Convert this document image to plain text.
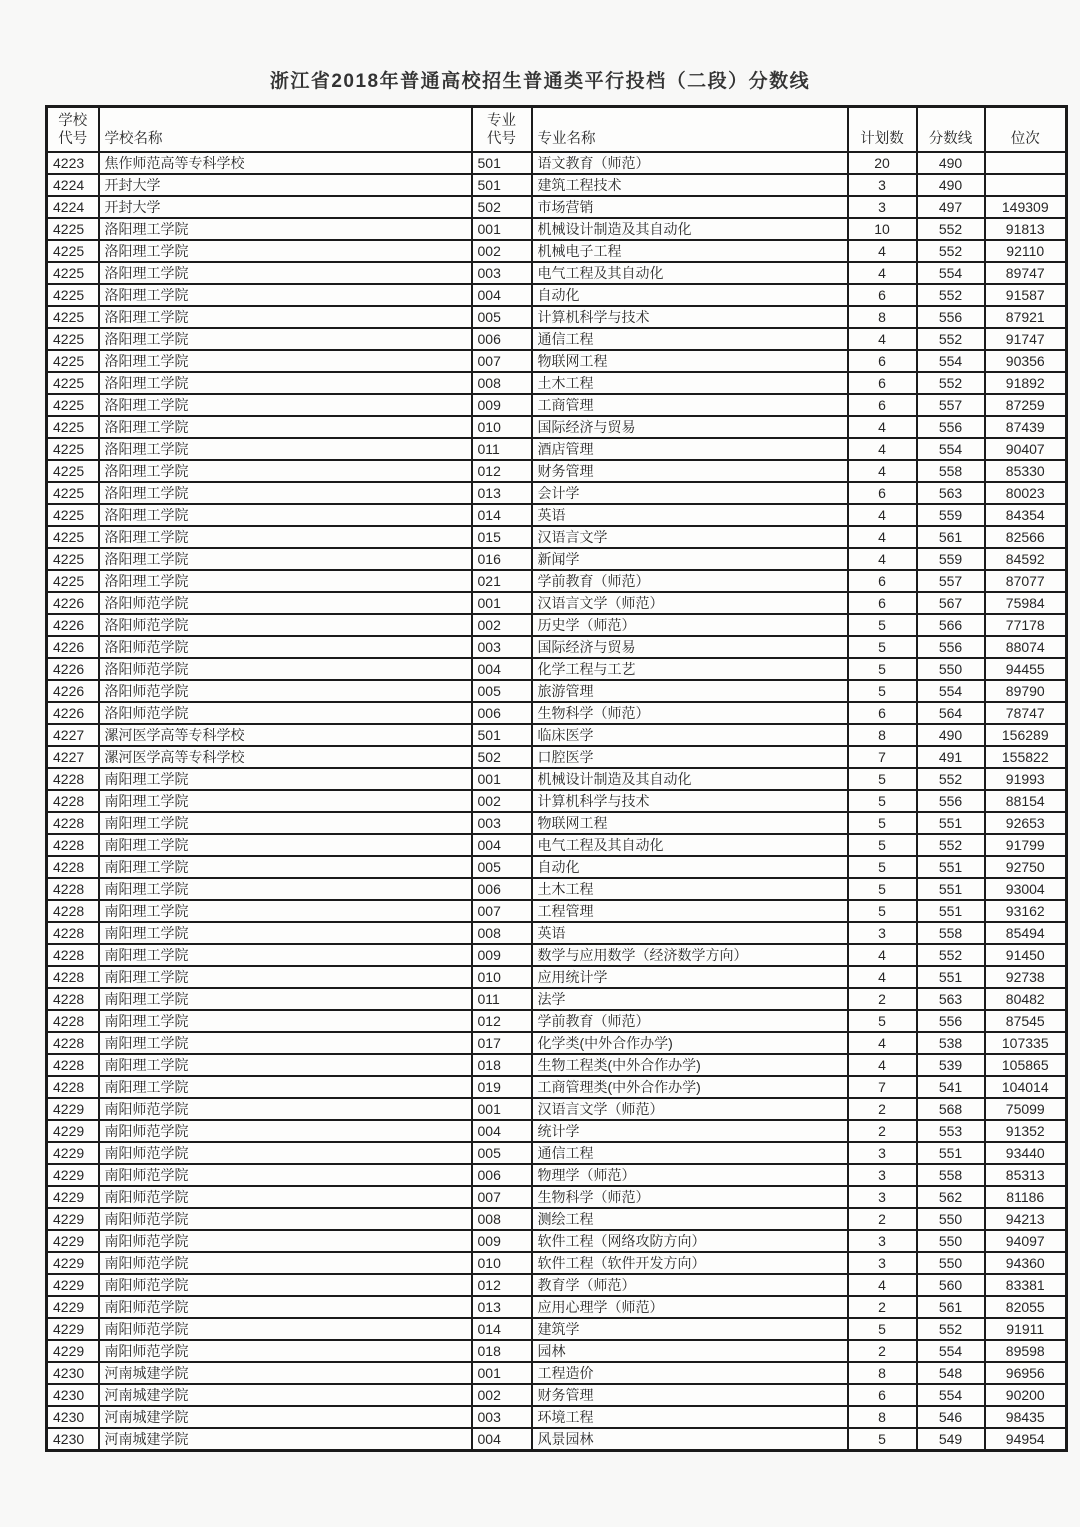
浙江省2018年普通高校招生普通类平行投档（二段）分数线
学校
代号	学校名称

专业
代号	专业名称	计划数	分数线	位次

4223	焦作师范高等专科学校	501	语文教育（师范）	20	490	
4224	开封大学	501	建筑工程技术	3	490	
4224	开封大学	502	市场营销	3	497	149309
4225	洛阳理工学院	001	机械设计制造及其自动化	10	552	91813
4225	洛阳理工学院	002	机械电子工程	4	552	92110
4225	洛阳理工学院	003	电气工程及其自动化	4	554	89747
4225	洛阳理工学院	004	自动化	6	552	91587
4225	洛阳理工学院	005	计算机科学与技术	8	556	87921
4225	洛阳理工学院	006	通信工程	4	552	91747
4225	洛阳理工学院	007	物联网工程	6	554	90356
4225	洛阳理工学院	008	土木工程	6	552	91892
4225	洛阳理工学院	009	工商管理	6	557	87259
4225	洛阳理工学院	010	国际经济与贸易	4	556	87439
4225	洛阳理工学院	011	酒店管理	4	554	90407
4225	洛阳理工学院	012	财务管理	4	558	85330
4225	洛阳理工学院	013	会计学	6	563	80023
4225	洛阳理工学院	014	英语	4	559	84354
4225	洛阳理工学院	015	汉语言文学	4	561	82566
4225	洛阳理工学院	016	新闻学	4	559	84592
4225	洛阳理工学院	021	学前教育（师范）	6	557	87077
4226	洛阳师范学院	001	汉语言文学（师范）	6	567	75984
4226	洛阳师范学院	002	历史学（师范）	5	566	77178
4226	洛阳师范学院	003	国际经济与贸易	5	556	88074
4226	洛阳师范学院	004	化学工程与工艺	5	550	94455
4226	洛阳师范学院	005	旅游管理	5	554	89790
4226	洛阳师范学院	006	生物科学（师范）	6	564	78747
4227	漯河医学高等专科学校	501	临床医学	8	490	156289
4227	漯河医学高等专科学校	502	口腔医学	7	491	155822
4228	南阳理工学院	001	机械设计制造及其自动化	5	552	91993
4228	南阳理工学院	002	计算机科学与技术	5	556	88154
4228	南阳理工学院	003	物联网工程	5	551	92653
4228	南阳理工学院	004	电气工程及其自动化	5	552	91799
4228	南阳理工学院	005	自动化	5	551	92750
4228	南阳理工学院	006	土木工程	5	551	93004
4228	南阳理工学院	007	工程管理	5	551	93162
4228	南阳理工学院	008	英语	3	558	85494
4228	南阳理工学院	009	数学与应用数学（经济数学方向）	4	552	91450
4228	南阳理工学院	010	应用统计学	4	551	92738
4228	南阳理工学院	011	法学	2	563	80482
4228	南阳理工学院	012	学前教育（师范）	5	556	87545
4228	南阳理工学院	017	化学类(中外合作办学)	4	538	107335
4228	南阳理工学院	018	生物工程类(中外合作办学)	4	539	105865
4228	南阳理工学院	019	工商管理类(中外合作办学)	7	541	104014
4229	南阳师范学院	001	汉语言文学（师范）	2	568	75099
4229	南阳师范学院	004	统计学	2	553	91352
4229	南阳师范学院	005	通信工程	3	551	93440
4229	南阳师范学院	006	物理学（师范）	3	558	85313
4229	南阳师范学院	007	生物科学（师范）	3	562	81186
4229	南阳师范学院	008	测绘工程	2	550	94213
4229	南阳师范学院	009	软件工程（网络攻防方向）	3	550	94097
4229	南阳师范学院	010	软件工程（软件开发方向）	3	550	94360
4229	南阳师范学院	012	教育学（师范）	4	560	83381
4229	南阳师范学院	013	应用心理学（师范）	2	561	82055
4229	南阳师范学院	014	建筑学	5	552	91911
4229	南阳师范学院	018	园林	2	554	89598
4230	河南城建学院	001	工程造价	8	548	96956
4230	河南城建学院	002	财务管理	6	554	90200
4230	河南城建学院	003	环境工程	8	546	98435
4230	河南城建学院	004	风景园林	5	549	94954
